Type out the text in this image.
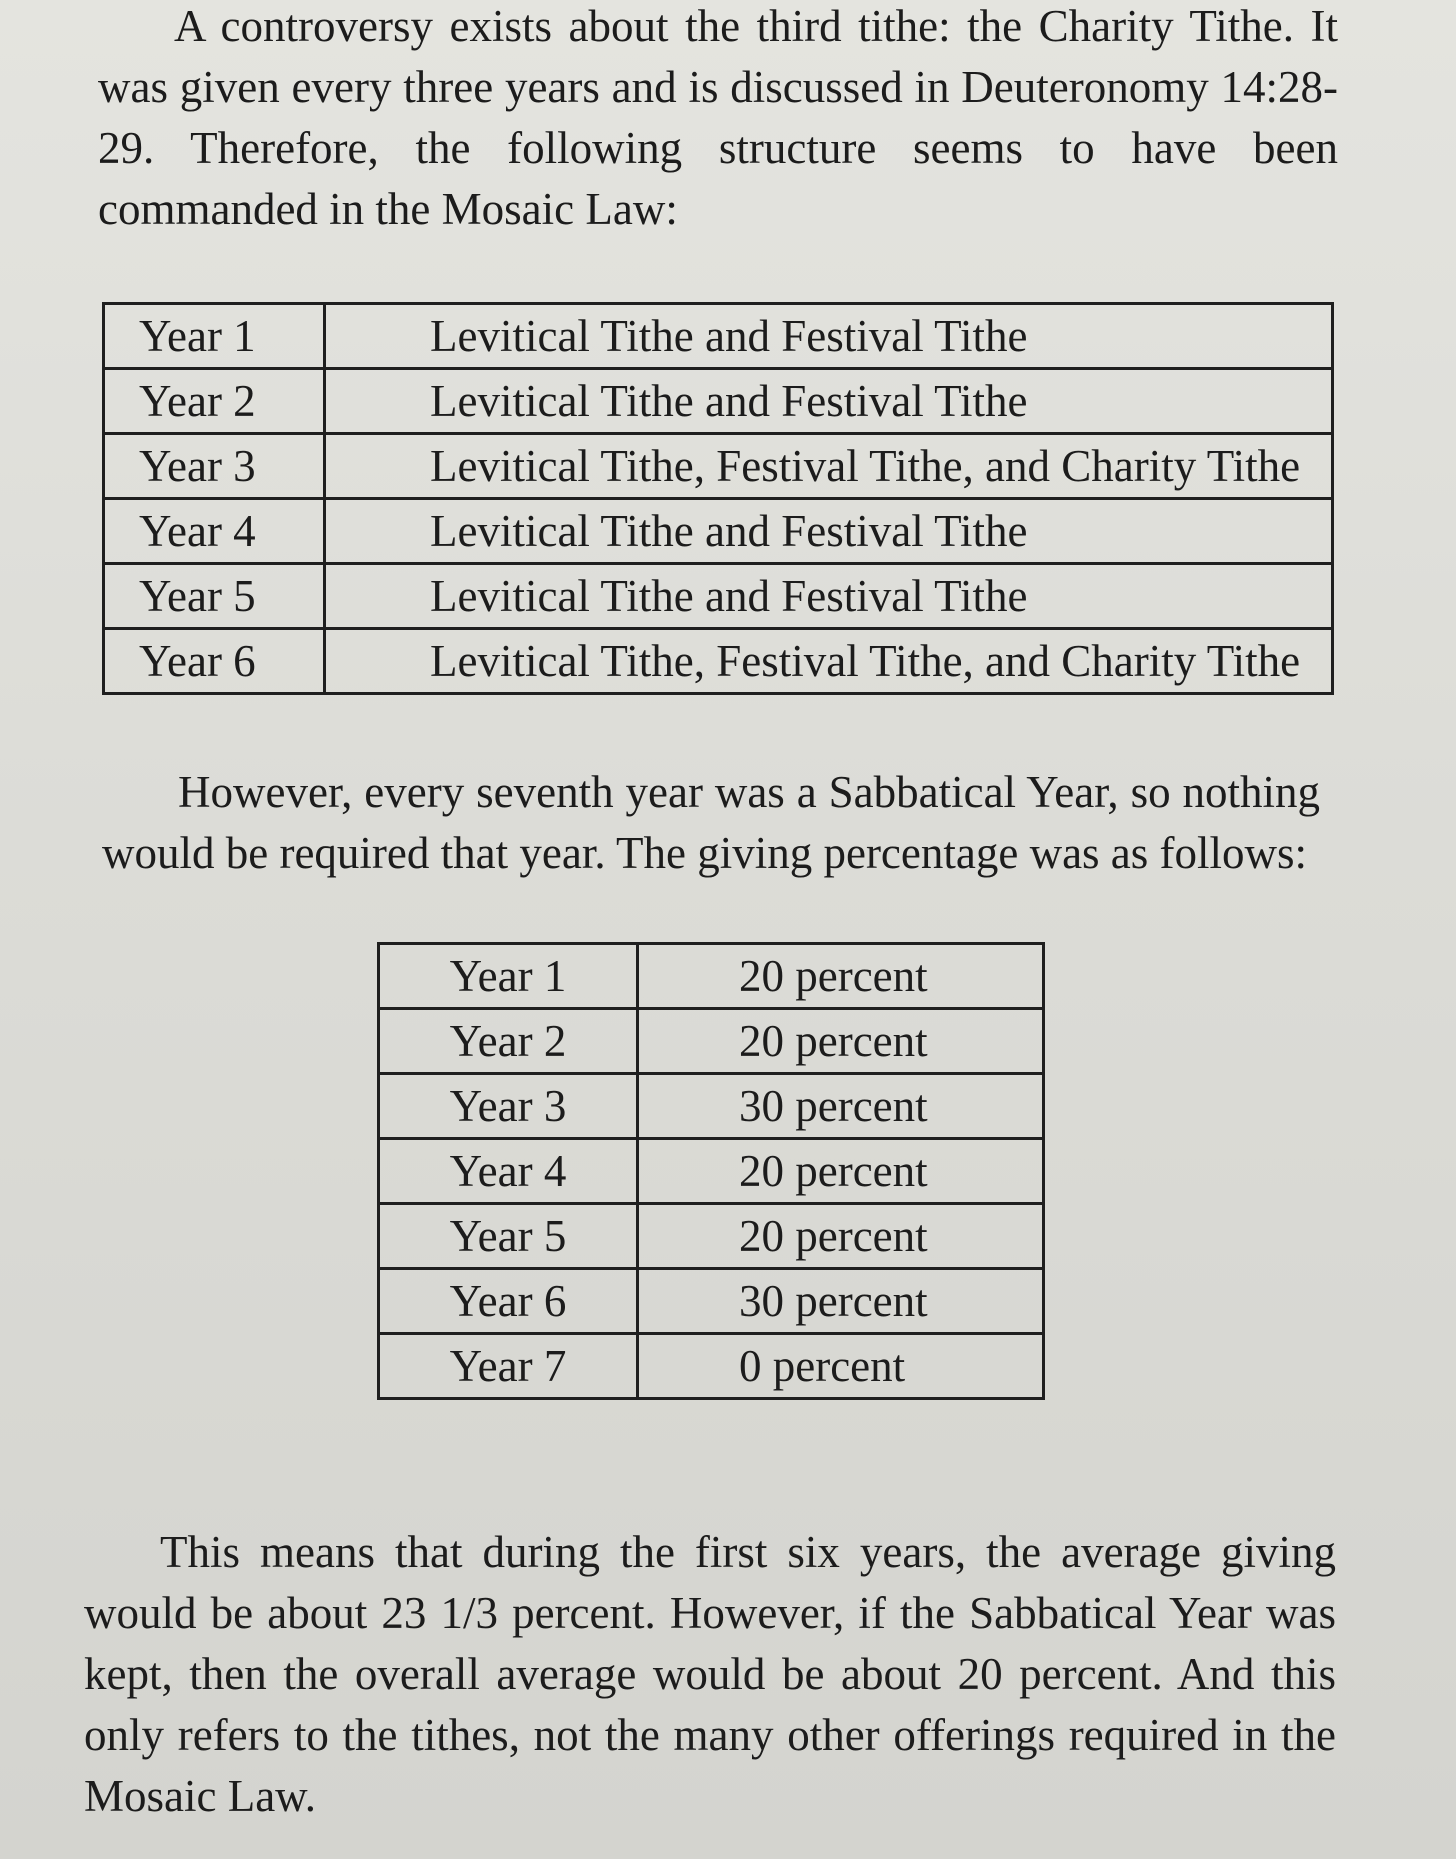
A controversy exists about the third tithe: the Charity Tithe. It was given every three years and is discussed in Deuteronomy 14:28-29. Therefore, the following structure seems to have been commanded in the Mosaic Law:

Year 1	Levitical Tithe and Festival Tithe
Year 2	Levitical Tithe and Festival Tithe
Year 3	Levitical Tithe, Festival Tithe, and Charity Tithe
Year 4	Levitical Tithe and Festival Tithe
Year 5	Levitical Tithe and Festival Tithe
Year 6	Levitical Tithe, Festival Tithe, and Charity Tithe

However, every seventh year was a Sabbatical Year, so nothing would be required that year. The giving percentage was as follows:

Year 1	20 percent
Year 2	20 percent
Year 3	30 percent
Year 4	20 percent
Year 5	20 percent
Year 6	30 percent
Year 7	0 percent

This means that during the first six years, the average giving would be about 23 1/3 percent. However, if the Sabbatical Year was kept, then the overall average would be about 20 percent. And this only refers to the tithes, not the many other offerings required in the Mosaic Law.
